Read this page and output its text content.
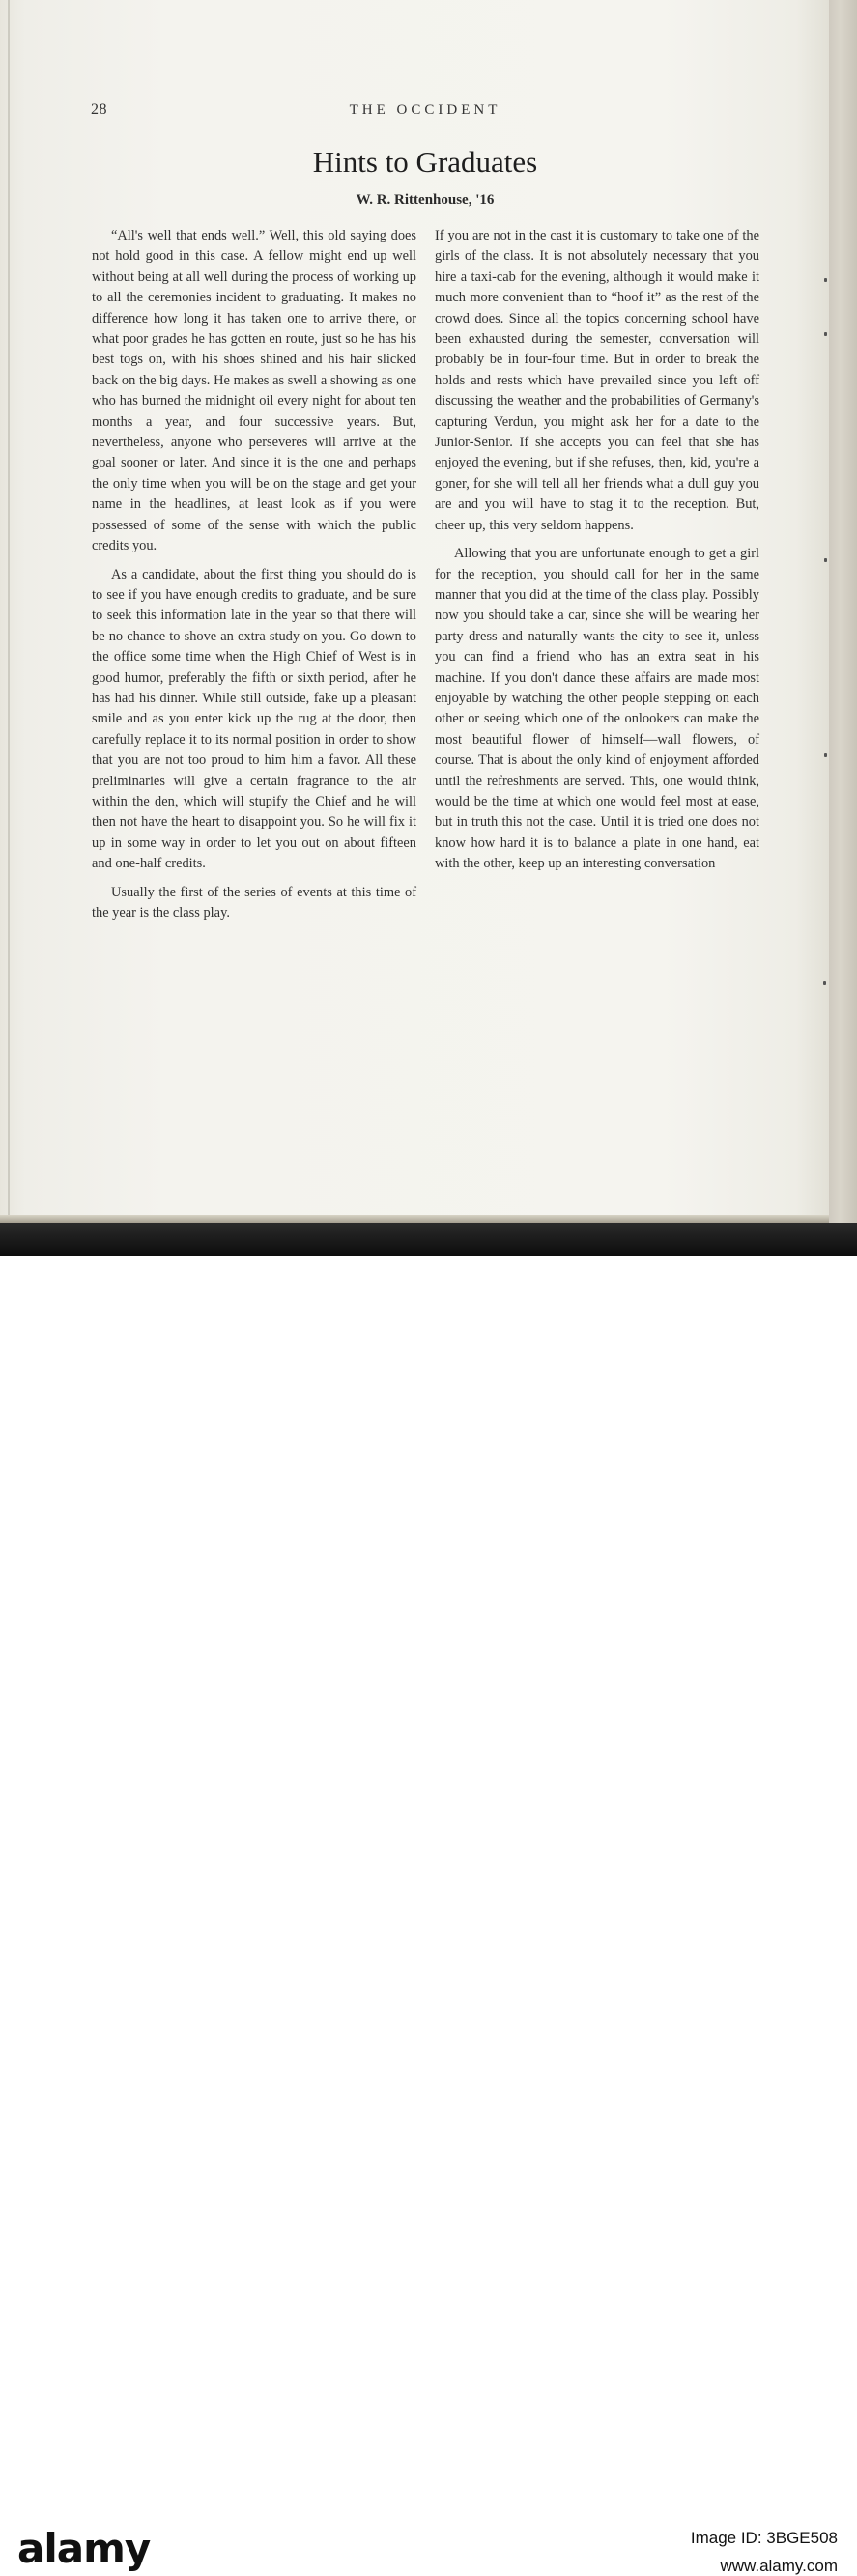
28	THE OCCIDENT
Hints to Graduates
W. R. Rittenhouse, '16

“All's well that ends well.” Well, this old saying does not hold good in this case. A fellow might end up well without being at all well during the process of working up to all the ceremonies incident to graduating. It makes no difference how long it has taken one to arrive there, or what poor grades he has gotten en route, just so he has his best togs on, with his shoes shined and his hair slicked back on the big days. He makes as swell a showing as one who has burned the midnight oil every night for about ten months a year, and four successive years. But, nevertheless, anyone who perseveres will arrive at the goal sooner or later. And since it is the one and perhaps the only time when you will be on the stage and get your name in the headlines, at least look as if you were possessed of some of the sense with which the public credits you.

As a candidate, about the first thing you should do is to see if you have enough credits to graduate, and be sure to seek this information late in the year so that there will be no chance to shove an extra study on you. Go down to the office some time when the High Chief of West is in good humor, preferably the fifth or sixth period, after he has had his dinner. While still outside, fake up a pleasant smile and as you enter kick up the rug at the door, then carefully replace it to its normal position in order to show that you are not too proud to him him a favor. All these preliminaries will give a certain fragrance to the air within the den, which will stupify the Chief and he will then not have the heart to disappoint you. So he will fix it up in some way in order to let you out on about fifteen and one-half credits.

Usually the first of the series of events at this time of the year is the class play.

If you are not in the cast it is customary to take one of the girls of the class. It is not absolutely necessary that you hire a taxi-cab for the evening, although it would make it much more convenient than to “hoof it” as the rest of the crowd does. Since all the topics concerning school have been exhausted during the semester, conversation will probably be in four-four time. But in order to break the holds and rests which have prevailed since you left off discussing the weather and the probabilities of Germany's capturing Verdun, you might ask her for a date to the Junior-Senior. If she accepts you can feel that she has enjoyed the evening, but if she refuses, then, kid, you're a goner, for she will tell all her friends what a dull guy you are and you will have to stag it to the reception. But, cheer up, this very seldom happens.

Allowing that you are unfortunate enough to get a girl for the reception, you should call for her in the same manner that you did at the time of the class play. Possibly now you should take a car, since she will be wearing her party dress and naturally wants the city to see it, unless you can find a friend who has an extra seat in his machine. If you don't dance these affairs are made most enjoyable by watching the other people stepping on each other or seeing which one of the onlookers can make the most beautiful flower of himself—wall flowers, of course. That is about the only kind of enjoyment afforded until the refreshments are served. This, one would think, would be the time at which one would feel most at ease, but in truth this not the case. Until it is tried one does not know how hard it is to balance a plate in one hand, eat with the other, keep up an interesting conversation

alamy	Image ID: 3BGE508
www.alamy.com
